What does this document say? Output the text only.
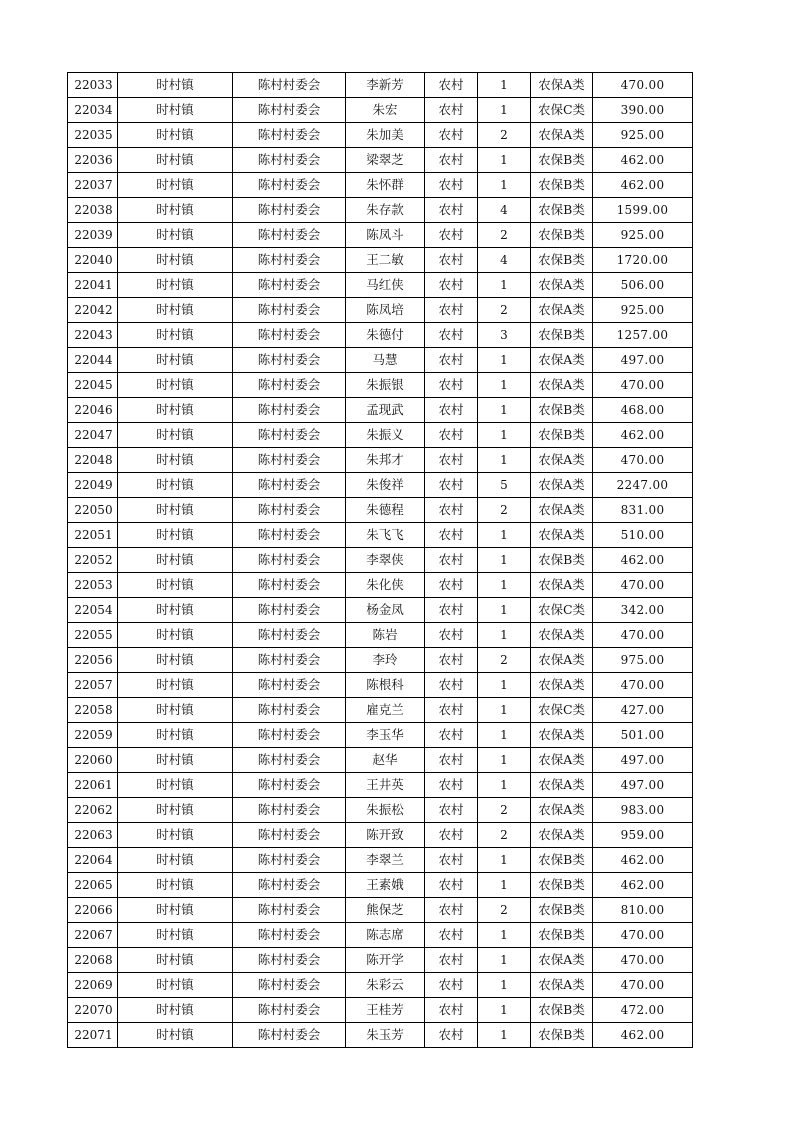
22033	时村镇	陈村村委会	李新芳	农村	1	农保A类	470.00
22034	时村镇	陈村村委会	朱宏	农村	1	农保C类	390.00
22035	时村镇	陈村村委会	朱加美	农村	2	农保A类	925.00
22036	时村镇	陈村村委会	梁翠芝	农村	1	农保B类	462.00
22037	时村镇	陈村村委会	朱怀群	农村	1	农保B类	462.00
22038	时村镇	陈村村委会	朱存款	农村	4	农保B类	1599.00
22039	时村镇	陈村村委会	陈凤斗	农村	2	农保B类	925.00
22040	时村镇	陈村村委会	王二敏	农村	4	农保B类	1720.00
22041	时村镇	陈村村委会	马红侠	农村	1	农保A类	506.00
22042	时村镇	陈村村委会	陈凤培	农村	2	农保A类	925.00
22043	时村镇	陈村村委会	朱德付	农村	3	农保B类	1257.00
22044	时村镇	陈村村委会	马慧	农村	1	农保A类	497.00
22045	时村镇	陈村村委会	朱振银	农村	1	农保A类	470.00
22046	时村镇	陈村村委会	孟现武	农村	1	农保B类	468.00
22047	时村镇	陈村村委会	朱振义	农村	1	农保B类	462.00
22048	时村镇	陈村村委会	朱邦才	农村	1	农保A类	470.00
22049	时村镇	陈村村委会	朱俊祥	农村	5	农保A类	2247.00
22050	时村镇	陈村村委会	朱德程	农村	2	农保A类	831.00
22051	时村镇	陈村村委会	朱飞飞	农村	1	农保A类	510.00
22052	时村镇	陈村村委会	李翠侠	农村	1	农保B类	462.00
22053	时村镇	陈村村委会	朱化侠	农村	1	农保A类	470.00
22054	时村镇	陈村村委会	杨金凤	农村	1	农保C类	342.00
22055	时村镇	陈村村委会	陈岩	农村	1	农保A类	470.00
22056	时村镇	陈村村委会	李玲	农村	2	农保A类	975.00
22057	时村镇	陈村村委会	陈根科	农村	1	农保A类	470.00
22058	时村镇	陈村村委会	雇克兰	农村	1	农保C类	427.00
22059	时村镇	陈村村委会	李玉华	农村	1	农保A类	501.00
22060	时村镇	陈村村委会	赵华	农村	1	农保A类	497.00
22061	时村镇	陈村村委会	王井英	农村	1	农保A类	497.00
22062	时村镇	陈村村委会	朱振松	农村	2	农保A类	983.00
22063	时村镇	陈村村委会	陈开致	农村	2	农保A类	959.00
22064	时村镇	陈村村委会	李翠兰	农村	1	农保B类	462.00
22065	时村镇	陈村村委会	王素娥	农村	1	农保B类	462.00
22066	时村镇	陈村村委会	熊保芝	农村	2	农保B类	810.00
22067	时村镇	陈村村委会	陈志席	农村	1	农保B类	470.00
22068	时村镇	陈村村委会	陈开学	农村	1	农保A类	470.00
22069	时村镇	陈村村委会	朱彩云	农村	1	农保A类	470.00
22070	时村镇	陈村村委会	王桂芳	农村	1	农保B类	472.00
22071	时村镇	陈村村委会	朱玉芳	农村	1	农保B类	462.00
